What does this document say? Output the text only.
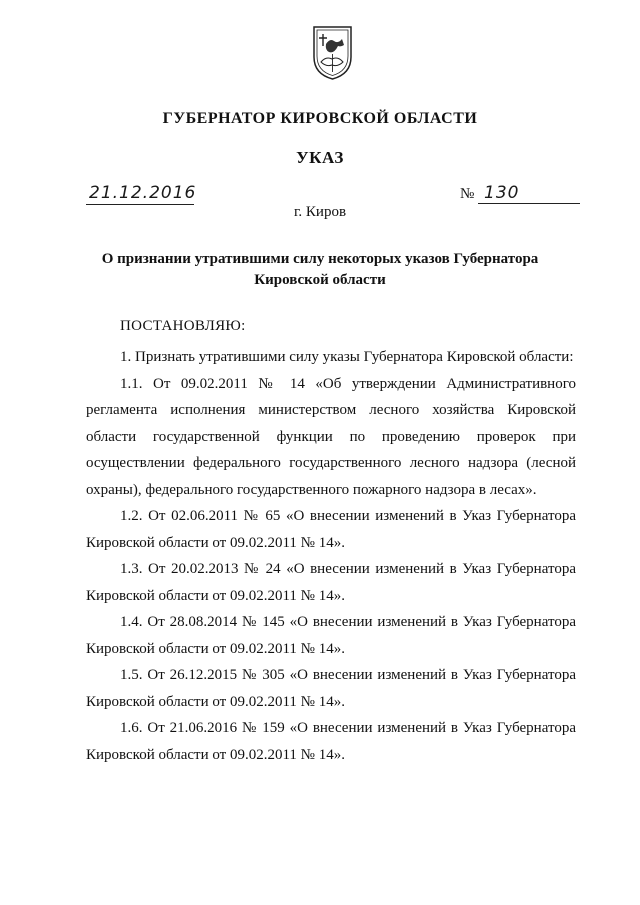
ГУБЕРНАТОР КИРОВСКОЙ ОБЛАСТИ
УКАЗ
21.12.2016	№ 130
г. Киров
О признании утратившими силу некоторых указов Губернатора
Кировской области
ПОСТАНОВЛЯЮ:

1. Признать утратившими силу указы Губернатора Кировской области:

1.1. От 09.02.2011 № 14 «Об утверждении Административного регламента исполнения министерством лесного хозяйства Кировской области государственной функции по проведению проверок при осуществлении федерального государственного лесного надзора (лесной охраны), федерального государственного пожарного надзора в лесах».

1.2. От 02.06.2011 № 65 «О внесении изменений в Указ Губернатора Кировской области от 09.02.2011 № 14».

1.3. От 20.02.2013 № 24 «О внесении изменений в Указ Губернатора Кировской области от 09.02.2011 № 14».

1.4. От 28.08.2014 № 145 «О внесении изменений в Указ Губернатора Кировской области от 09.02.2011 № 14».

1.5. От 26.12.2015 № 305 «О внесении изменений в Указ Губернатора Кировской области от 09.02.2011 № 14».

1.6. От 21.06.2016 № 159 «О внесении изменений в Указ Губернатора Кировской области от 09.02.2011 № 14».
